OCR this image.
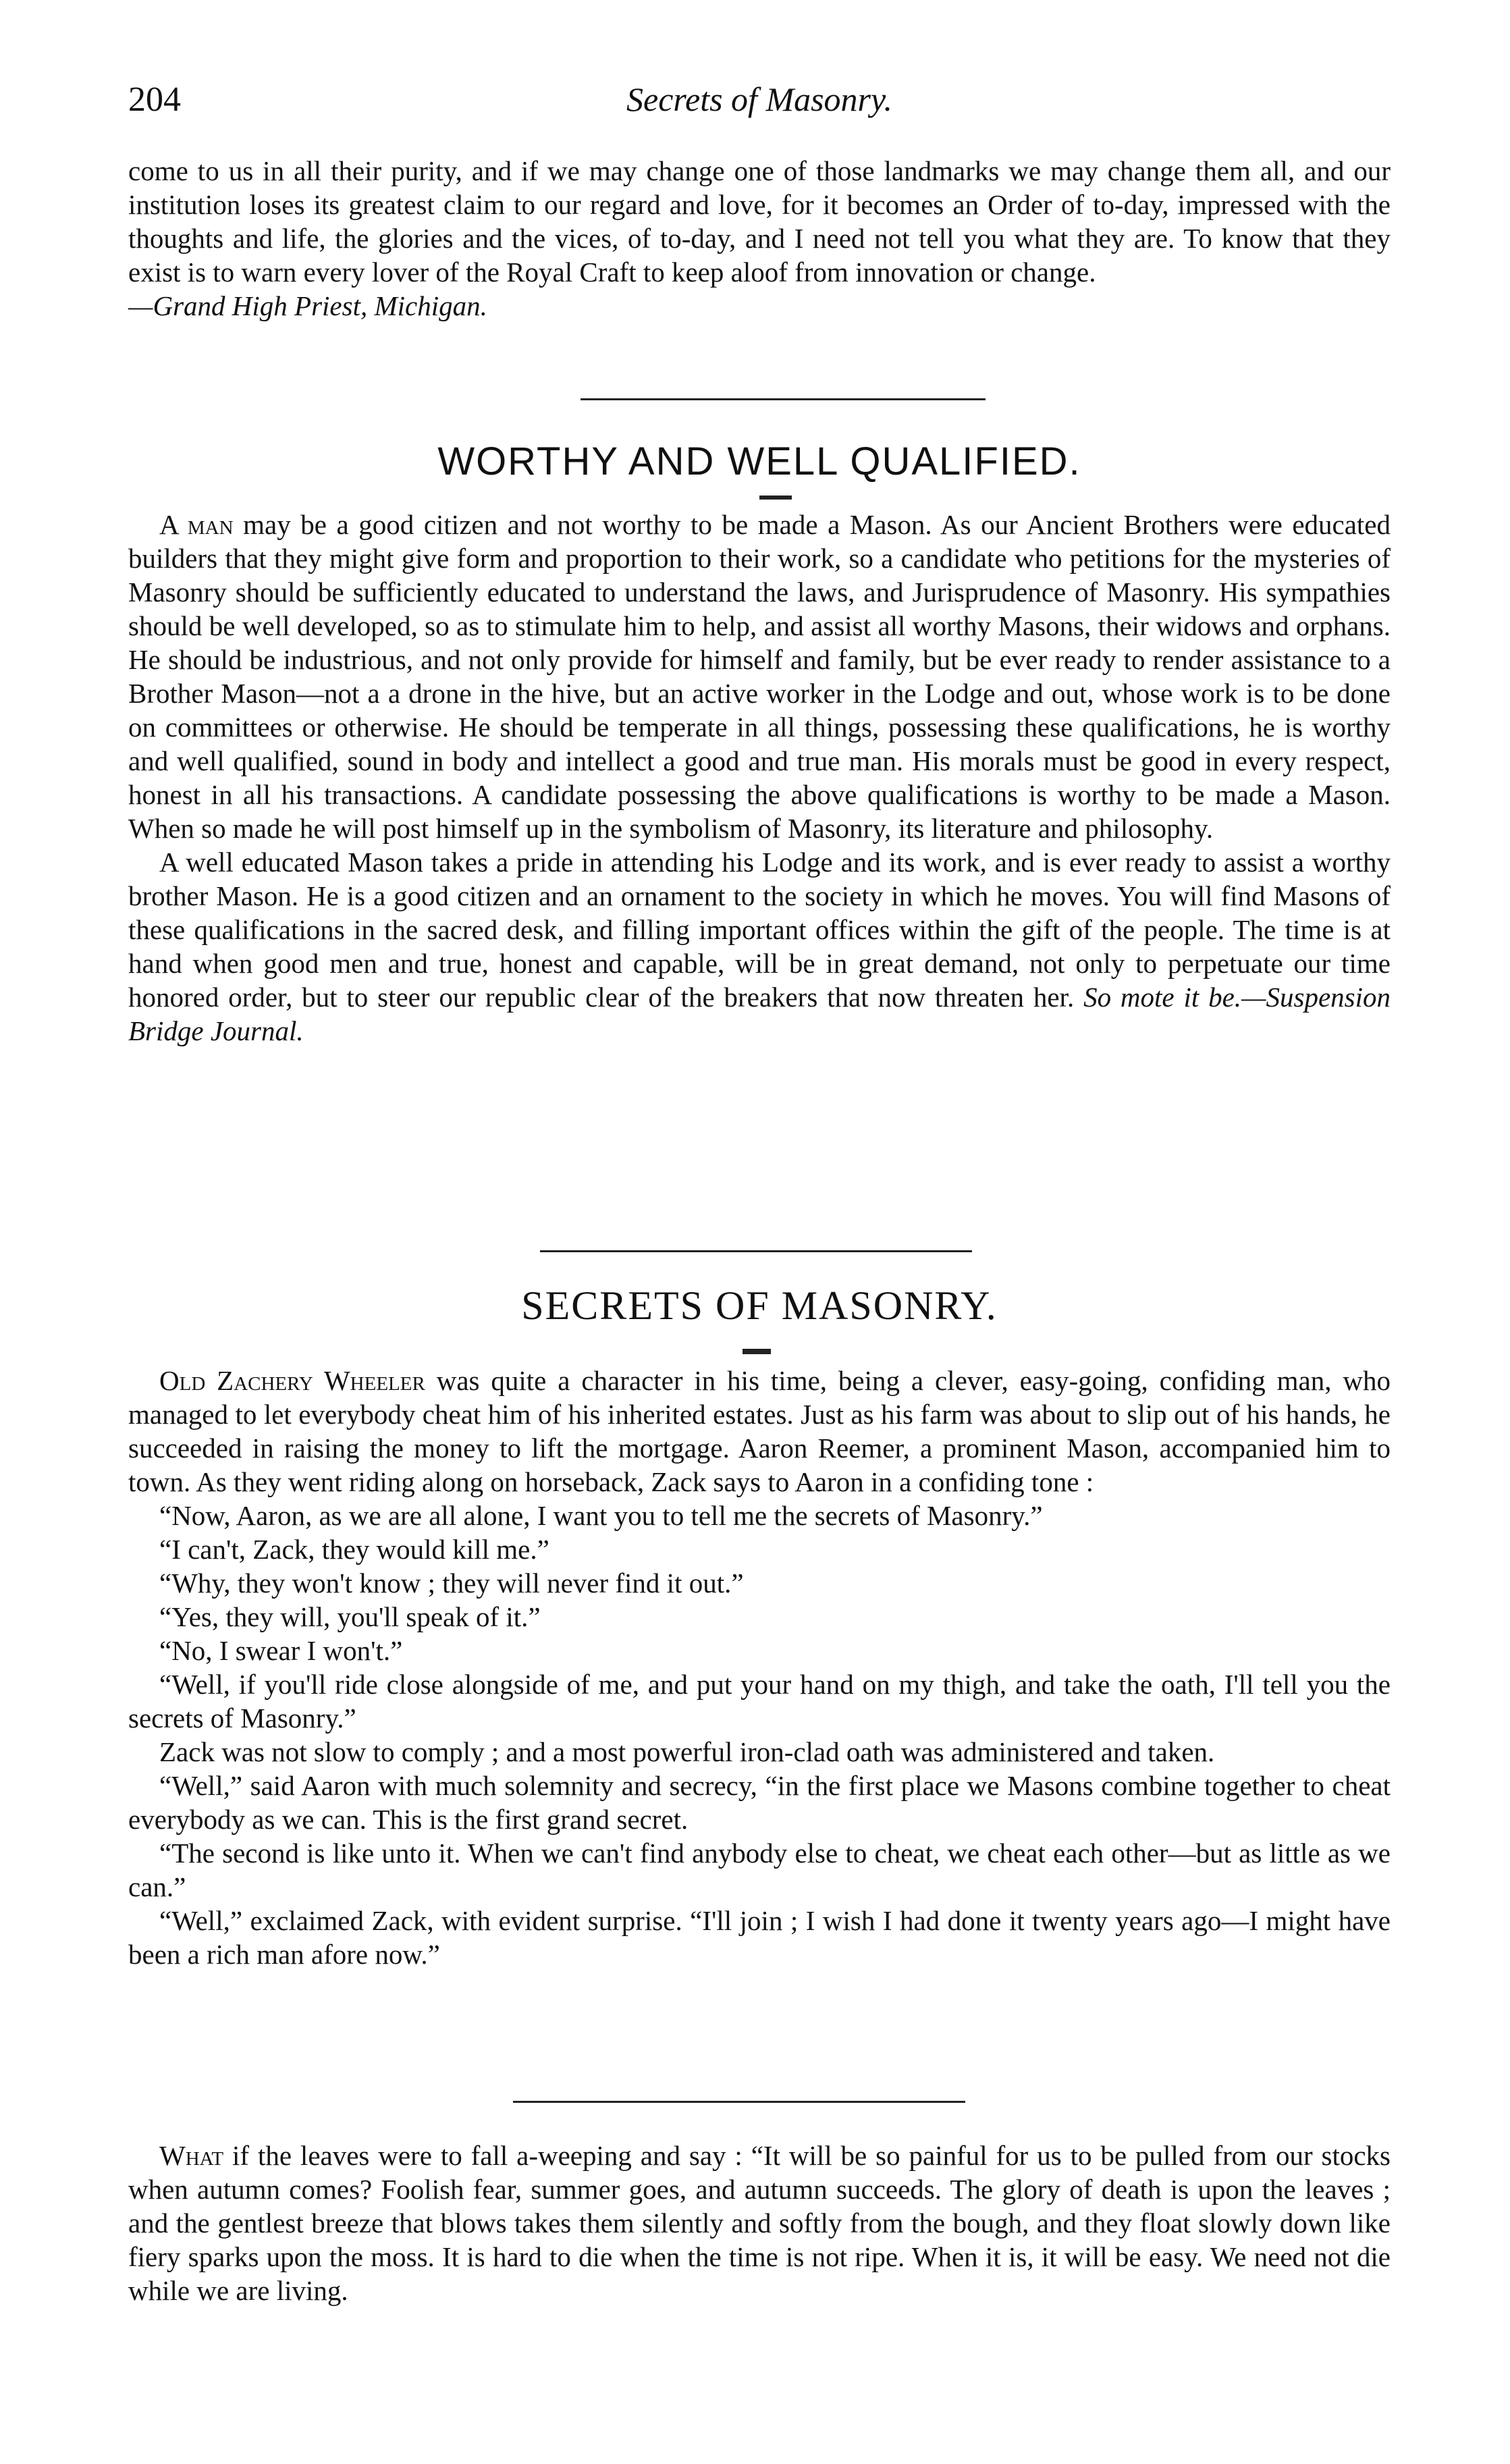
204	Secrets of Masonry.

come to us in all their purity, and if we may change one of those landmarks we may change them all, and our institution loses its greatest claim to our regard and love, for it becomes an Order of to-day, impressed with the thoughts and life, the glories and the vices, of to-day, and I need not tell you what they are. To know that they exist is to warn every lover of the Royal Craft to keep aloof from innovation or change.
—Grand High Priest, Michigan.

WORTHY AND WELL QUALIFIED.

A man may be a good citizen and not worthy to be made a Mason. As our Ancient Brothers were educated builders that they might give form and proportion to their work, so a candidate who petitions for the mysteries of Masonry should be sufficiently educated to understand the laws, and Jurisprudence of Masonry. His sympathies should be well developed, so as to stimulate him to help, and assist all worthy Masons, their widows and orphans. He should be industrious, and not only provide for himself and family, but be ever ready to render assistance to a Brother Mason—not a a drone in the hive, but an active worker in the Lodge and out, whose work is to be done on committees or otherwise. He should be temperate in all things, possessing these qualifications, he is worthy and well qualified, sound in body and intellect a good and true man. His morals must be good in every respect, honest in all his transactions. A candidate possessing the above qualifications is worthy to be made a Mason. When so made he will post himself up in the symbolism of Masonry, its literature and philosophy.

A well educated Mason takes a pride in attending his Lodge and its work, and is ever ready to assist a worthy brother Mason. He is a good citizen and an ornament to the society in which he moves. You will find Masons of these qualifications in the sacred desk, and filling important offices within the gift of the people. The time is at hand when good men and true, honest and capable, will be in great demand, not only to perpetuate our time honored order, but to steer our republic clear of the breakers that now threaten her. So mote it be.—Suspension Bridge Journal.

SECRETS OF MASONRY.

Old Zachery Wheeler was quite a character in his time, being a clever, easy-going, confiding man, who managed to let everybody cheat him of his inherited estates. Just as his farm was about to slip out of his hands, he succeeded in raising the money to lift the mortgage. Aaron Reemer, a prominent Mason, accompanied him to town. As they went riding along on horseback, Zack says to Aaron in a confiding tone :

“Now, Aaron, as we are all alone, I want you to tell me the secrets of Masonry.”

“I can't, Zack, they would kill me.”

“Why, they won't know ; they will never find it out.”

“Yes, they will, you'll speak of it.”

“No, I swear I won't.”

“Well, if you'll ride close alongside of me, and put your hand on my thigh, and take the oath, I'll tell you the secrets of Masonry.”

Zack was not slow to comply ; and a most powerful iron-clad oath was administered and taken.

“Well,” said Aaron with much solemnity and secrecy, “in the first place we Masons combine together to cheat everybody as we can. This is the first grand secret.

“The second is like unto it. When we can't find anybody else to cheat, we cheat each other—but as little as we can.”

“Well,” exclaimed Zack, with evident surprise. “I'll join ; I wish I had done it twenty years ago—I might have been a rich man afore now.”

What if the leaves were to fall a-weeping and say : “It will be so painful for us to be pulled from our stocks when autumn comes? Foolish fear, summer goes, and autumn succeeds. The glory of death is upon the leaves ; and the gentlest breeze that blows takes them silently and softly from the bough, and they float slowly down like fiery sparks upon the moss. It is hard to die when the time is not ripe. When it is, it will be easy. We need not die while we are living.
